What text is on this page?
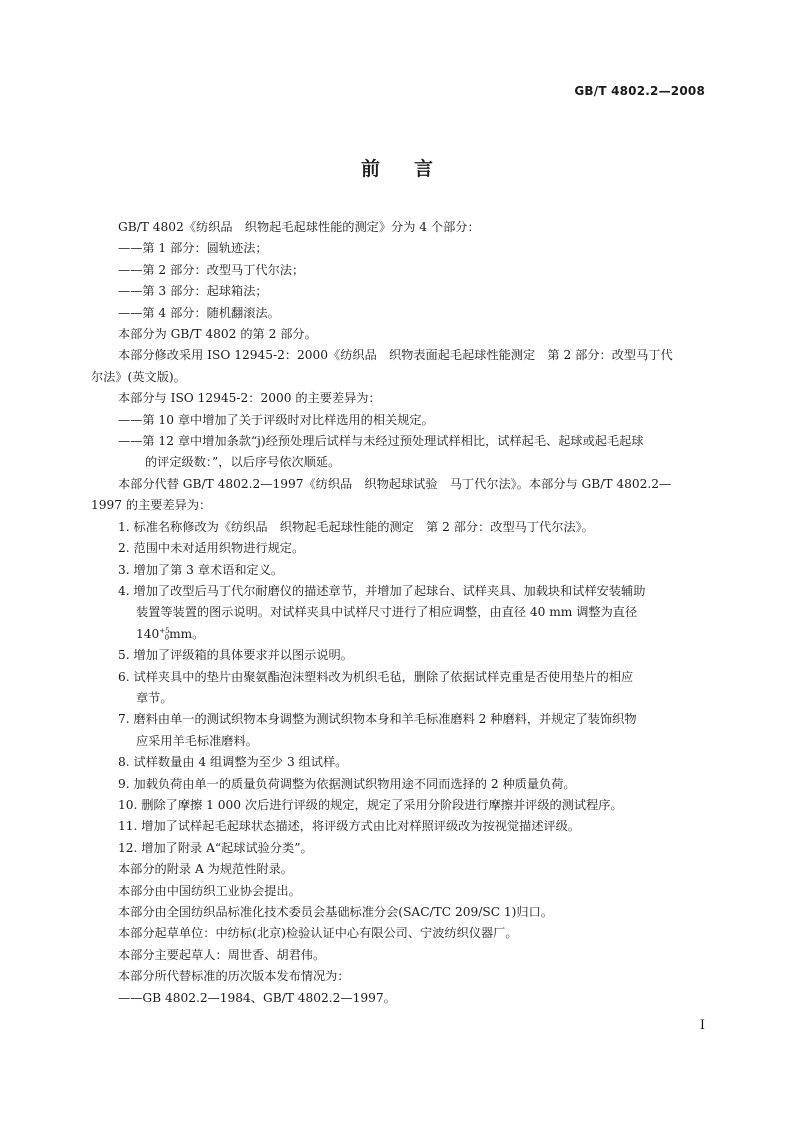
GB/T 4802.2—2008
前言
GB/T 4802《纺织品　织物起毛起球性能的测定》分为 4 个部分：
——第 1 部分：圆轨迹法；
——第 2 部分：改型马丁代尔法；
——第 3 部分：起球箱法；
——第 4 部分：随机翻滚法。
本部分为 GB/T 4802 的第 2 部分。
本部分修改采用 ISO 12945-2：2000《纺织品　织物表面起毛起球性能测定　第 2 部分：改型马丁代
尔法》(英文版)。
本部分与 ISO 12945-2：2000 的主要差异为：
——第 10 章中增加了关于评级时对比样选用的相关规定。
——第 12 章中增加条款“j)经预处理后试样与未经过预处理试样相比，试样起毛、起球或起毛起球
的评定级数：”，以后序号依次顺延。
本部分代替 GB/T 4802.2—1997《纺织品　织物起球试验　马丁代尔法》。本部分与 GB/T 4802.2—
1997 的主要差异为：
1. 标准名称修改为《纺织品　织物起毛起球性能的测定　第 2 部分：改型马丁代尔法》。
2. 范围中未对适用织物进行规定。
3. 增加了第 3 章术语和定义。
4. 增加了改型后马丁代尔耐磨仪的描述章节，并增加了起球台、试样夹具、加载块和试样安装辅助
装置等装置的图示说明。对试样夹具中试样尺寸进行了相应调整，由直径 40 mm 调整为直径
$140^{+5}_0mm$。
5. 增加了评级箱的具体要求并以图示说明。
6. 试样夹具中的垫片由聚氨酯泡沫塑料改为机织毛毡，删除了依据试样克重是否使用垫片的相应
章节。
7. 磨料由单一的测试织物本身调整为测试织物本身和羊毛标准磨料 2 种磨料，并规定了装饰织物
应采用羊毛标准磨料。
8. 试样数量由 4 组调整为至少 3 组试样。
9. 加载负荷由单一的质量负荷调整为依据测试织物用途不同而选择的 2 种质量负荷。
10. 删除了摩擦 1 000 次后进行评级的规定，规定了采用分阶段进行摩擦并评级的测试程序。
11. 增加了试样起毛起球状态描述，将评级方式由比对样照评级改为按视觉描述评级。
12. 增加了附录 A“起球试验分类”。
本部分的附录 A 为规范性附录。
本部分由中国纺织工业协会提出。
本部分由全国纺织品标准化技术委员会基础标准分会(SAC/TC 209/SC 1)归口。
本部分起草单位：中纺标(北京)检验认证中心有限公司、宁波纺织仪器厂。
本部分主要起草人：周世香、胡君伟。
本部分所代替标准的历次版本发布情况为：
——GB 4802.2—1984、GB/T 4802.2—1997。
I
